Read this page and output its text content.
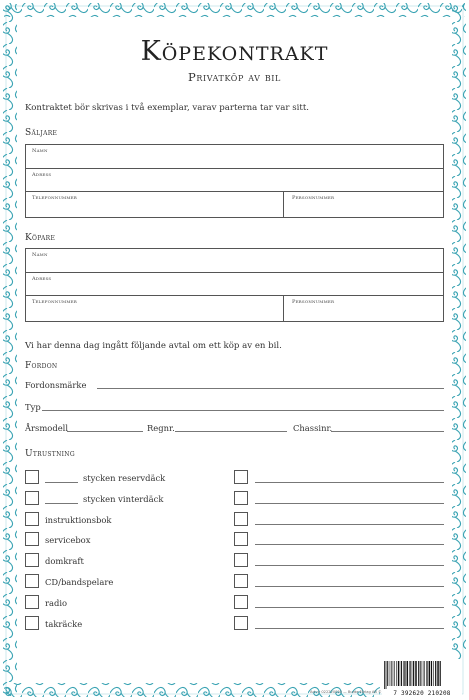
Köpekontrakt
Privatköp av bil
Kontraktet bör skrivas i två exemplar, varav parterna tar var sitt.
Säljare
Namn
Adress
Telefonnummer	Personnummer
Köpare
Namn
Adress
Telefonnummer	Personnummer
Vi har denna dag ingått följande avtal om ett köp av en bil.
Fordon
Fordonsmärke
Typ
Årsmodell	Regnr.	Chassinr.
Utrustning
stycken reservdäck
stycken vinterdäck
instruktionsbok
servicebox
domkraft
CD/bandspelare
radio
takräcke
Art nr 022220030 — Burde Förlag AB ©	7 392620 210208
